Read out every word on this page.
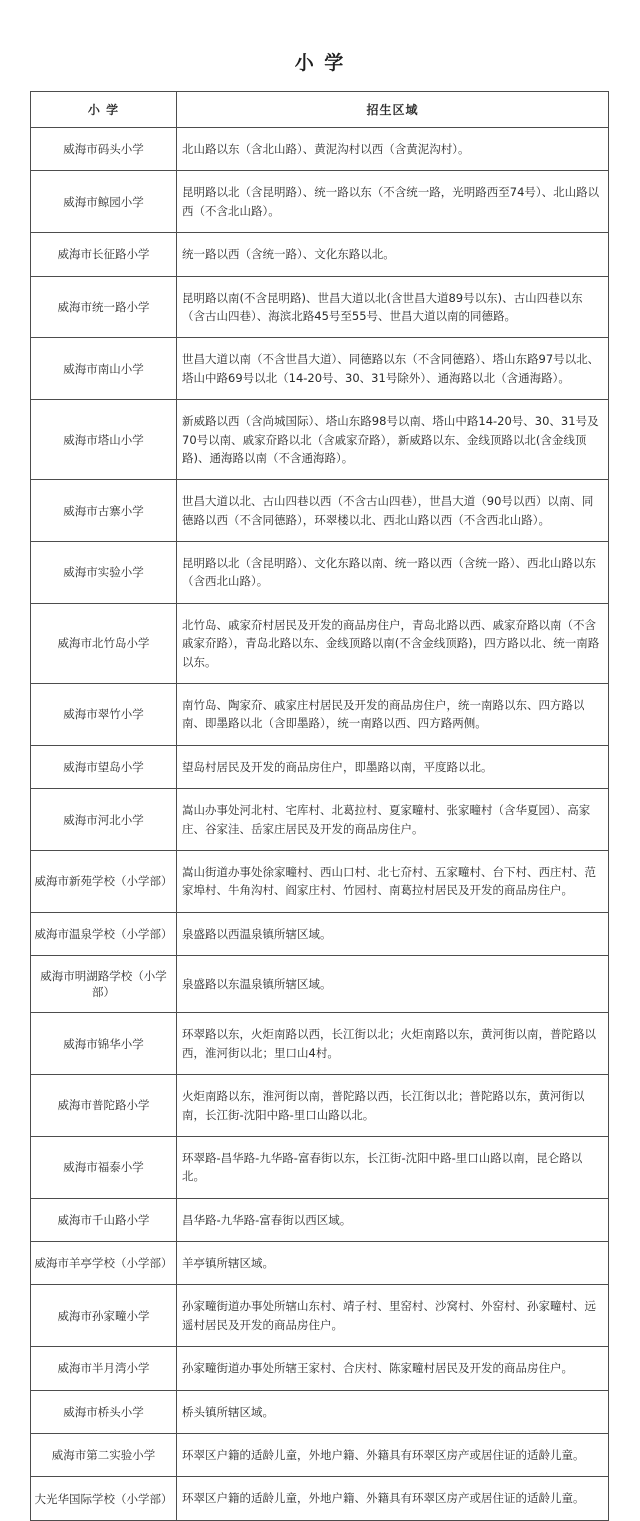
小 学
小 学	招生区域
威海市码头小学	北山路以东（含北山路）、黄泥沟村以西（含黄泥沟村）。
威海市鲸园小学	昆明路以北（含昆明路）、统一路以东（不含统一路，光明路西至74号）、北山路以西（不含北山路）。
威海市长征路小学	统一路以西（含统一路）、文化东路以北。
威海市统一路小学	昆明路以南(不含昆明路)、世昌大道以北(含世昌大道89号以东)、古山四巷以东（含古山四巷）、海滨北路45号至55号、世昌大道以南的同德路。
威海市南山小学	世昌大道以南（不含世昌大道）、同德路以东（不含同德路）、塔山东路97号以北、塔山中路69号以北（14-20号、30、31号除外）、通海路以北（含通海路）。
威海市塔山小学	新威路以西（含尚城国际）、塔山东路98号以南、塔山中路14-20号、30、31号及70号以南、戚家夼路以北（含戚家夼路），新威路以东、金线顶路以北(含金线顶路)、通海路以南（不含通海路）。
威海市古寨小学	世昌大道以北、古山四巷以西（不含古山四巷），世昌大道（90号以西）以南、同德路以西（不含同德路），环翠楼以北、西北山路以西（不含西北山路）。
威海市实验小学	昆明路以北（含昆明路）、文化东路以南、统一路以西（含统一路）、西北山路以东（含西北山路）。
威海市北竹岛小学	北竹岛、戚家夼村居民及开发的商品房住户，青岛北路以西、戚家夼路以南（不含戚家夼路），青岛北路以东、金线顶路以南(不含金线顶路)，四方路以北、统一南路以东。
威海市翠竹小学	南竹岛、陶家夼、戚家庄村居民及开发的商品房住户，统一南路以东、四方路以南、即墨路以北（含即墨路），统一南路以西、四方路两侧。
威海市望岛小学	望岛村居民及开发的商品房住户，即墨路以南，平度路以北。
威海市河北小学	嵩山办事处河北村、宅库村、北葛拉村、夏家疃村、张家疃村（含华夏园）、高家庄、谷家洼、岳家庄居民及开发的商品房住户。
威海市新苑学校（小学部）	嵩山街道办事处徐家疃村、西山口村、北七夼村、五家疃村、台下村、西庄村、范家埠村、牛角沟村、阎家庄村、竹园村、南葛拉村居民及开发的商品房住户。
威海市温泉学校（小学部）	泉盛路以西温泉镇所辖区域。
威海市明湖路学校（小学部）	泉盛路以东温泉镇所辖区域。
威海市锦华小学	环翠路以东，火炬南路以西，长江街以北；火炬南路以东，黄河街以南，普陀路以西，淮河街以北；里口山4村。
威海市普陀路小学	火炬南路以东，淮河街以南，普陀路以西，长江街以北；普陀路以东，黄河街以南，长江街-沈阳中路-里口山路以北。
威海市福泰小学	环翠路-昌华路-九华路-富春街以东，长江街-沈阳中路-里口山路以南，昆仑路以北。
威海市千山路小学	昌华路-九华路-富春街以西区域。
威海市羊亭学校（小学部）	羊亭镇所辖区域。
威海市孙家疃小学	孙家疃街道办事处所辖山东村、靖子村、里窑村、沙窝村、外窑村、孙家疃村、远遥村居民及开发的商品房住户。
威海市半月湾小学	孙家疃街道办事处所辖王家村、合庆村、陈家疃村居民及开发的商品房住户。
威海市桥头小学	桥头镇所辖区域。
威海市第二实验小学	环翠区户籍的适龄儿童，外地户籍、外籍具有环翠区房产或居住证的适龄儿童。
大光华国际学校（小学部）	环翠区户籍的适龄儿童，外地户籍、外籍具有环翠区房产或居住证的适龄儿童。
